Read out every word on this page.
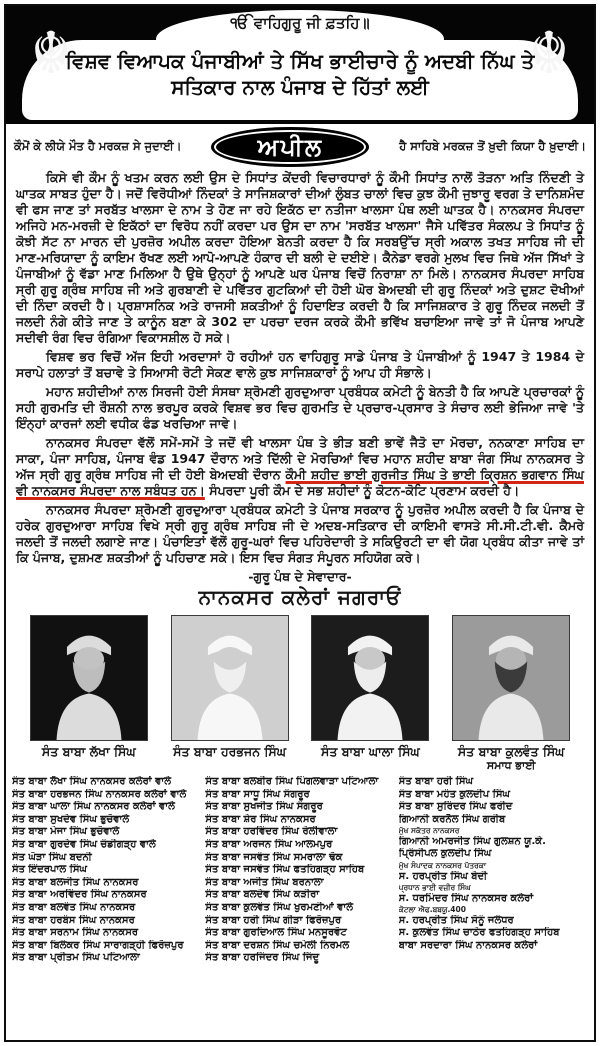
☬	☬
ੴ ਵਾਹਿਗੁਰੂ ਜੀ ਫ਼ਤਹਿ॥
ਵਿਸ਼ਵ ਵਿਆਪਕ ਪੰਜਾਬੀਆਂ ਤੇ ਸਿੱਖ ਭਾਈਚਾਰੇ ਨੂੰ ਅਦਬੀ ਨਿੱਘ ਤੇ ਸਤਿਕਾਰ ਨਾਲ ਪੰਜਾਬ ਦੇ ਹਿੱਤਾਂ ਲਈ
ਕੌਮੋਂ ਕੇ ਲੀਯੇ ਮੌਤ ਹੈ ਮਰਕਜ਼ ਸੇ ਜੁਦਾਈ।	ਅਪੀਲ	ਹੈ ਸਾਹਿਬੇ ਮਰਕਜ਼ ਤੋਂ ਖ਼ੁਦੀ ਕਿਯਾ ਹੈ ਖ਼ੁਦਾਈ।

ਕਿਸੇ ਵੀ ਕੌਮ ਨੂੰ ਖਤਮ ਕਰਨ ਲਈ ਉਸ ਦੇ ਸਿਧਾਂਤ ਕੇਂਦਰੀ ਵਿਚਾਰਧਾਰਾਂ ਨੂੰ ਕੌਮੀ ਸਿਧਾਂਤ ਨਾਲੋਂ ਤੋੜਨਾ ਅਤਿ ਨਿੰਦਣੀ ਤੇ ਘਾਤਕ ਸਾਬਤ ਹੁੰਦਾ ਹੈ। ਜਦੋਂ ਵਿਰੋਧੀਆਂ ਨਿੰਦਕਾਂ ਤੇ ਸਾਜਿਸ਼ਕਾਰਾਂ ਦੀਆਂ ਲੁੰਬਤ ਚਾਲਾਂ ਵਿਚ ਕੁਝ ਕੌਮੀ ਜੁਝਾਰੂ ਵਰਗ ਤੇ ਦਾਨਿਸ਼ਮੰਦ ਵੀ ਫਸ ਜਾਣ ਤਾਂ ਸਰਬੱਤ ਖਾਲਸਾ ਦੇ ਨਾਮ ਤੇ ਹੋਣ ਜਾ ਰਹੇ ਇਕੱਠ ਦਾ ਨਤੀਜਾ ਖਾਲਸਾ ਪੰਥ ਲਈ ਘਾਤਕ ਹੈ। ਨਾਨਕਸਰ ਸੰਪਰਦਾ ਅਜਿਹੇ ਮਨ-ਮਰਜ਼ੀ ਦੇ ਇਕੱਠਾਂ ਦਾ ਵਿਰੋਧ ਨਹੀਂ ਕਰਦਾ ਪਰ ਉਸ ਦਾ ਨਾਮ 'ਸਰਬੱਤ ਖਾਲਸਾ' ਜੈਸੇ ਪਵਿੱਤਰ ਸੰਕਲਪ ਤੇ ਸਿਧਾਂਤ ਨੂੰ ਕੋਝੀ ਸੱਟ ਨਾ ਮਾਰਨ ਦੀ ਪੁਰਜ਼ੋਰ ਅਪੀਲ ਕਰਦਾ ਹੋਇਆ ਬੇਨਤੀ ਕਰਦਾ ਹੈ ਕਿ ਸਰਬਉੱਚ ਸ੍ਰੀ ਅਕਾਲ ਤਖਤ ਸਾਹਿਬ ਜੀ ਦੀ ਮਾਣ-ਮਰਿਯਾਦਾ ਨੂੰ ਕਾਇਮ ਰੱਖਣ ਲਈ ਆਪੋ-ਆਪਣੇ ਹੰਕਾਰ ਦੀ ਬਲੀ ਦੇ ਦਈਏ। ਕੈਨੇਡਾ ਵਰਗੇ ਮੁਲਖ ਵਿਚ ਜਿਥੇ ਅੱਜ ਸਿੱਖਾਂ ਤੇ ਪੰਜਾਬੀਆਂ ਨੂੰ ਵੱਡਾ ਮਾਣ ਮਿਲਿਆ ਹੈ ਉਥੇ ਉਨ੍ਹਾਂ ਨੂੰ ਆਪਣੇ ਘਰ ਪੰਜਾਬ ਵਿਚੋਂ ਨਿਰਾਸ਼ਾ ਨਾ ਮਿਲੇ। ਨਾਨਕਸਰ ਸੰਪਰਦਾ ਸਾਹਿਬ ਸ੍ਰੀ ਗੁਰੂ ਗ੍ਰੰਥ ਸਾਹਿਬ ਜੀ ਅਤੇ ਗੁਰਬਾਣੀ ਦੇ ਪਵਿੱਤਰ ਗੁਟਕਿਆਂ ਦੀ ਹੋਈ ਘੋਰ ਬੇਅਦਬੀ ਦੀ ਗੁਰੂ ਨਿੰਦਕਾਂ ਅਤੇ ਦੁਸ਼ਟ ਦੋਖੀਆਂ ਦੀ ਨਿੰਦਾ ਕਰਦੀ ਹੈ। ਪ੍ਰਸ਼ਾਸਨਿਕ ਅਤੇ ਰਾਜਸੀ ਸ਼ਕਤੀਆਂ ਨੂੰ ਹਿਦਾਇਤ ਕਰਦੀ ਹੈ ਕਿ ਸਾਜਿਸ਼ਕਾਰ ਤੇ ਗੁਰੂ ਨਿੰਦਕ ਜਲਦੀ ਤੋਂ ਜਲਦੀ ਨੰਗੇ ਕੀਤੇ ਜਾਣ ਤੇ ਕਾਨੂੰਨ ਬਣਾ ਕੇ 302 ਦਾ ਪਰਚਾ ਦਰਜ ਕਰਕੇ ਕੌਮੀ ਭਵਿੱਖ ਬਚਾਇਆ ਜਾਵੇ ਤਾਂ ਜੋ ਪੰਜਾਬ ਆਪਣੇ ਸਦੀਵੀ ਰੰਗ ਵਿਚ ਰੰਗਿਆ ਵਿਕਾਸਸ਼ੀਲ ਹੋ ਸਕੇ।

ਵਿਸ਼ਵ ਭਰ ਵਿਚੋਂ ਅੱਜ ਇਹੀ ਅਰਦਾਸਾਂ ਹੋ ਰਹੀਆਂ ਹਨ ਵਾਹਿਗੁਰੂ ਸਾਡੇ ਪੰਜਾਬ ਤੇ ਪੰਜਾਬੀਆਂ ਨੂੰ 1947 ਤੇ 1984 ਦੇ ਸਰਾਪੇ ਹਲਾਤਾਂ ਤੋਂ ਬਚਾਵੇ ਤੇ ਸਿਆਸੀ ਰੋਟੀ ਸੇਕਣ ਵਾਲੇ ਕੁਝ ਸਾਜਿਸ਼ਕਾਰਾਂ ਨੂੰ ਆਪ ਹੀ ਸੰਭਾਲੇ।

ਮਹਾਨ ਸ਼ਹੀਦੀਆਂ ਨਾਲ ਸਿਰਜੀ ਹੋਈ ਸੰਸਥਾ ਸ਼੍ਰੋਮਣੀ ਗੁਰਦੁਆਰਾ ਪ੍ਰਬੰਧਕ ਕਮੇਟੀ ਨੂੰ ਬੇਨਤੀ ਹੈ ਕਿ ਆਪਣੇ ਪ੍ਰਚਾਰਕਾਂ ਨੂੰ ਸਹੀ ਗੁਰਮਤਿ ਦੀ ਰੌਸ਼ਨੀ ਨਾਲ ਭਰਪੂਰ ਕਰਕੇ ਵਿਸ਼ਵ ਭਰ ਵਿਚ ਗੁਰਮਤਿ ਦੇ ਪ੍ਰਚਾਰ-ਪ੍ਰਸਾਰ ਤੇ ਸੰਚਾਰ ਲਈ ਭੇਜਿਆ ਜਾਵੇ 'ਤੇ ਇੰਨ੍ਹਾਂ ਕਾਰਜਾਂ ਲਈ ਵਧੀਕ ਫੰਡ ਖਰਚਿਆ ਜਾਵੇ।

ਨਾਨਕਸਰ ਸੰਪਰਦਾ ਵੱਲੋਂ ਸਮੇਂ-ਸਮੇਂ ਤੇ ਜਦੋਂ ਵੀ ਖਾਲਸਾ ਪੰਥ ਤੇ ਭੀੜ ਬਣੀ ਭਾਵੇਂ ਜੈਤੋ ਦਾ ਮੋਰਚਾ, ਨਨਕਾਣਾ ਸਾਹਿਬ ਦਾ ਸਾਕਾ, ਪੰਜਾ ਸਾਹਿਬ, ਪੰਜਾਬ ਵੰਡ 1947 ਦੌਰਾਨ ਅਤੇ ਦਿੱਲੀ ਦੇ ਮੋਰਚਿਆਂ ਵਿਚ ਮਹਾਨ ਸ਼ਹੀਦ ਬਾਬਾ ਜੰਗ ਸਿੰਘ ਨਾਨਕਸਰ ਤੇ ਅੱਜ ਸ੍ਰੀ ਗੁਰੂ ਗ੍ਰੰਥ ਸਾਹਿਬ ਜੀ ਦੀ ਹੋਈ ਬੇਅਦਬੀ ਦੌਰਾਨ ਕੌਮੀ ਸ਼ਹੀਦ ਭਾਈ ਗੁਰਜੀਤ ਸਿੰਘ ਤੇ ਭਾਈ ਕ੍ਰਿਸ਼ਨ ਭਗਵਾਨ ਸਿੰਘ ਵੀ ਨਾਨਕਸਰ ਸੰਪਰਦਾ ਨਾਲ ਸਬੰਧਤ ਹਨ। ਸੰਪਰਦਾ ਪੂਰੀ ਕੌਮ ਦੇ ਸਭ ਸ਼ਹੀਦਾਂ ਨੂੰ ਕੋਟਨ-ਕੋਟਿ ਪ੍ਰਣਾਮ ਕਰਦੀ ਹੈ।

ਨਾਨਕਸਰ ਸੰਪਰਦਾ ਸ਼੍ਰੋਮਣੀ ਗੁਰਦੁਆਰਾ ਪ੍ਰਬੰਧਕ ਕਮੇਟੀ ਤੇ ਪੰਜਾਬ ਸਰਕਾਰ ਨੂੰ ਪੁਰਜ਼ੋਰ ਅਪੀਲ ਕਰਦੀ ਹੈ ਕਿ ਪੰਜਾਬ ਦੇ ਹਰੇਕ ਗੁਰਦੁਆਰਾ ਸਾਹਿਬ ਵਿਖੇ ਸ੍ਰੀ ਗੁਰੂ ਗ੍ਰੰਥ ਸਾਹਿਬ ਜੀ ਦੇ ਅਦਬ-ਸਤਿਕਾਰ ਦੀ ਕਾਇਮੀ ਵਾਸਤੇ ਸੀ.ਸੀ.ਟੀ.ਵੀ. ਕੈਮਰੇ ਜਲਦੀ ਤੋਂ ਜਲਦੀ ਲਗਾਏ ਜਾਣ। ਪੰਚਾਇਤਾਂ ਵੱਲੋਂ ਗੁਰੂ-ਘਰਾਂ ਵਿਚ ਪਹਿਰੇਦਾਰੀ ਤੇ ਸਕਿਉਰਟੀ ਦਾ ਵੀ ਯੋਗ ਪ੍ਰਬੰਧ ਕੀਤਾ ਜਾਵੇ ਤਾਂ ਕਿ ਪੰਜਾਬ, ਦੁਸ਼ਮਣ ਸ਼ਕਤੀਆਂ ਨੂੰ ਪਹਿਚਾਣ ਸਕੇ। ਇਸ ਵਿਚ ਸੰਗਤ ਸੰਪੂਰਨ ਸਹਿਯੋਗ ਕਰੇ।

-ਗੁਰੂ ਪੰਥ ਦੇ ਸੇਵਾਦਾਰ-
ਨਾਨਕਸਰ ਕਲੇਰਾਂ ਜਗਰਾਓਂ
ਸੰਤ ਬਾਬਾ ਲੱਖਾ ਸਿੰਘ	ਸੰਤ ਬਾਬਾ ਹਰਭਜਨ ਸਿੰਘ	ਸੰਤ ਬਾਬਾ ਘਾਲਾ ਸਿੰਘ	ਸੰਤ ਬਾਬਾ ਕੁਲਵੰਤ ਸਿੰਘ
ਸਮਾਧ ਭਾਈ
ਸੰਤ ਬਾਬਾ ਲੱਖਾ ਸਿੰਘ ਨਾਨਕਸਰ ਕਲੇਰਾਂ ਵਾਲੇ
ਸੰਤ ਬਾਬਾ ਹਰਭਜਨ ਸਿੰਘ ਨਾਨਕਸਰ ਕਲੇਰਾਂ ਵਾਲੇ
ਸੰਤ ਬਾਬਾ ਘਾਲਾ ਸਿੰਘ ਨਾਨਕਸਰ ਕਲੇਰਾਂ ਵਾਲੇ
ਸੰਤ ਬਾਬਾ ਸੁਖਦੇਵ ਸਿੰਘ ਭੁਚੋਵਾਲੇ
ਸੰਤ ਬਾਬਾ ਮੇਜਾ ਸਿੰਘ ਭੁਚੋਵਾਲੇ
ਸੰਤ ਬਾਬਾ ਗੁਰਦੇਵ ਸਿੰਘ ਚੰਡੀਗੜ੍ਹ ਵਾਲੇ
ਸੰਤ ਘੋੜਾ ਸਿੰਘ ਬਦਨੀ
ਸੰਤ ਇੰਦਰਪਾਲ ਸਿੰਘ
ਸੰਤ ਬਾਬਾ ਬਲਜੀਤ ਸਿੰਘ ਨਾਨਕਸਰ
ਸੰਤ ਬਾਬਾ ਅਰਵਿੰਦਰ ਸਿੰਘ ਨਾਨਕਸਰ
ਸੰਤ ਬਾਬਾ ਬਲਵੰਤ ਸਿੰਘ ਨਾਨਕਸਰ
ਸੰਤ ਬਾਬਾ ਹਰਬੰਸ ਸਿੰਘ ਨਾਨਕਸਰ
ਸੰਤ ਬਾਬਾ ਸਰਨਾਮ ਸਿੰਘ ਨਾਨਕਸਰ
ਸੰਤ ਬਾਬਾ ਬਿਲੰਕਰ ਸਿੰਘ ਸਾਰਾਗੜ੍ਹੀ ਫਿਰੋਜ਼ਪੁਰ
ਸੰਤ ਬਾਬਾ ਪ੍ਰੀਤਮ ਸਿੰਘ ਪਟਿਆਲਾ
ਸੰਤ ਬਾਬਾ ਬਲਬੀਰ ਸਿੰਘ ਪਿੰਗਲਵਾੜਾ ਪਟਿਆਲਾ
ਸੰਤ ਬਾਬਾ ਸਾਧੂ ਸਿੰਘ ਸੰਗਰੂਰ
ਸੰਤ ਬਾਬਾ ਸੁਖਜੀਤ ਸਿੰਘ ਸੰਗਰੂਰ
ਸੰਤ ਬਾਬਾ ਸ਼ੇਰ ਸਿੰਘ ਨਾਨਕਸਰ
ਸੰਤ ਬਾਬਾ ਹਰਵਿੰਦਰ ਸਿੰਘ ਰੇਲੀਵਾਲਾ
ਸੰਤ ਬਾਬਾ ਅਰਜਨ ਸਿੰਘ ਆਲਮਪੁਰ
ਸੰਤ ਬਾਬਾ ਜਸਵੰਤ ਸਿੰਘ ਸਮਰਾਲਾ ਢੋਕ
ਸੰਤ ਬਾਬਾ ਜਸਵੰਤ ਸਿੰਘ ਫਤਹਿਗੜ੍ਹ ਸਾਹਿਬ
ਸੰਤ ਬਾਬਾ ਅਜੀਤ ਸਿੰਘ ਬਰਨਾਲਾ
ਸੰਤ ਬਾਬਾ ਬਲਦੇਵ ਸਿੰਘ ਕੜੀਰਾ
ਸੰਤ ਬਾਬਾ ਕੁਲਵੰਤ ਸਿੰਘ ਖੁਰਮਣੀਆਂ ਵਾਲੇ
ਸੰਤ ਬਾਬਾ ਹਰੀ ਸਿੰਘ ਗੀੜਾ ਫਿਰੋਜ਼ਪੁਰ
ਸੰਤ ਬਾਬਾ ਗੁਰਦਿਆਲ ਸਿੰਘ ਮਨਸੂਰਵੋਟ
ਸੰਤ ਬਾਬਾ ਦਰਸ਼ਨ ਸਿੰਘ ਚਮੇਲੀ ਨਿਰਮਲ
ਸੰਤ ਬਾਬਾ ਹਰਜਿੰਦਰ ਸਿੰਘ ਜਿੰਦੂ
ਸੰਤ ਬਾਬਾ ਹਰੀ ਸਿੰਘ
ਸੰਤ ਬਾਬਾ ਮਹੰਤ ਕੁਲਦੀਪ ਸਿੰਘ
ਸੰਤ ਬਾਬਾ ਸੁਰਿੰਦਰ ਸਿੰਘ ਫਰੀਦ
ਗਿਆਨੀ ਕਰਨੈਲ ਸਿੰਘ ਗਰੀਬ
ਮੁੱਖ ਸਕੱਤਰ ਨਾਨਕਸਰ
ਗਿਆਨੀ ਅਮਰਜੀਤ ਸਿੰਘ ਗੁਲਸ਼ਨ ਯੂ.ਕੇ.
ਪ੍ਰਿੰਸੀਪਲ ਕੁਲਦੀਪ ਸਿੰਘ
ਮੁੱਖ ਸੰਪਾਦਕ ਨਾਨਕਸਰ ਪੱਤਰਕਾ
ਸ. ਹਰਪ੍ਰੀਤ ਸਿੰਘ ਬੇਦੀ
ਪ੍ਰਧਾਨ ਭਾਈ ਵਜ਼ੀਰ ਸਿੰਘ
ਸ. ਧਰਮਿੰਦਰ ਸਿੰਘ ਨਾਨਕਸਰ ਕਲੇਰਾਂ
ਕੋਟਲਾ ਐਫ.ਬਬਯੂ.400
ਸ. ਹਰਪ੍ਰੀਤ ਸਿੰਘ ਸੋਨੂੰ ਜਲੰਧਰ
ਸ. ਕੁਲਵੰਤ ਸਿੰਘ ਚਾਠੇਰ ਫਤਹਿਗੜ੍ਹ ਸਾਹਿਬ
ਬਾਬਾ ਸਰਦਾਰਾ ਸਿੰਘ ਨਾਨਕਸਰ ਕਲੇਰਾਂ
